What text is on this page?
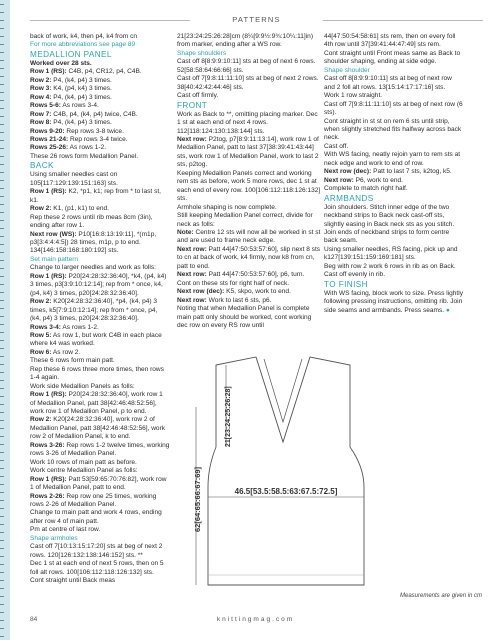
PATTERNS

back of work, k4, then p4, k4 from cn

For more abbreviations see page 89

MEDALLION PANEL

Worked over 28 sts.

Row 1 (RS): C4B, p4, CR12, p4, C4B.

Row 2: P4, (k4, p4) 3 times.

Row 3: K4, (p4, k4) 3 times.

Row 4: P4, (k4, p4) 3 times.

Rows 5-6: As rows 3-4.

Row 7: C4B, p4, (k4, p4) twice, C4B.

Row 8: P4, (k4, p4) 3 times.

Rows 9-20: Rep rows 3-8 twice.

Rows 21-24: Rep rows 3-4 twice.

Rows 25-26: As rows 1-2.

These 26 rows form Medallion Panel.

BACK

Using smaller needles cast on 105[117:129:139:151:163] sts.

Row 1 (RS): K2, *p1, k1; rep from * to last st, k1.

Row 2: K1, (p1, k1) to end.

Rep these 2 rows until rib meas 8cm (3in), ending after row 1.

Next row (WS): P10[16:8:13:19:11], *(m1p, p3[3:4:4:4:5]) 28 times, m1p, p to end. 134[146:158:168:180:192] sts.

Set main pattern

Change to larger needles and work as folls:

Row 1 (RS): P20[24:28:32:36:40], *k4, (p4, k4) 3 times, p3[3:9:10:12:14]; rep from * once, k4, (p4, k4) 3 times, p20[24:28:32:36:40].

Row 2: K20[24:28:32:36:40], *p4, (k4, p4) 3 times, k5[7:9:10:12:14]; rep from * once, p4, (k4, p4) 3 times, p20[24:28:32:36:40].

Rows 3-4: As rows 1-2.

Row 5: As row 1, but work C4B in each place where k4 was worked.

Row 6: As row 2.

These 6 rows form main patt.

Rep these 6 rows three more times, then rows 1-4 again.

Work side Medallion Panels as folls:

Row 1 (RS): P20[24:28:32:36:40], work row 1 of Medallion Panel, patt 38[42:46:48:52:56], work row 1 of Medallion Panel, p to end.

Row 2: K20[24:28:32:36:40], work row 2 of Medallion Panel, patt 38[42:46:48:52:56], work row 2 of Medallion Panel, k to end.

Rows 3-26: Rep rows 1-2 twelve times, working rows 3-26 of Medallion Panel.

Work 10 rows of main patt as before.

Work centre Medallion Panel as folls:

Row 1 (RS): Patt 53[59:65:70:76:82], work row 1 of Medallion Panel, patt to end.

Rows 2-26: Rep row one 25 times, working rows 2-26 of Medallion Panel.

Change to main patt and work 4 rows, ending after row 4 of main patt.

Pm at centre of last row.

Shape armholes

Cast off 7[10:13:15:17:20] sts at beg of next 2 rows. 120[126:132:138:146:152] sts. **

Dec 1 st at each end of next 5 rows, then on 5 foll alt rows. 100[106:112:118:126:132] sts.

Cont straight until Back meas

21[23:24:25:26:28]cm (8¼[9:9½:9¾:10¼:11]in) from marker, ending after a WS row.

Shape shoulders

Cast off 8[8:9:9:10:11] sts at beg of next 6 rows. 52[58:58:64:66:66] sts.

Cast off 7[9:8:11:11:10] sts at beg of next 2 rows. 38[40:42:42:44:46] sts.

Cast off firmly.

FRONT

Work as Back to **, omitting placing marker. Dec 1 st at each end of next 4 rows. 112[118:124:130:138:144] sts.

Next row: P2tog, p7[8:9:11:13:14], work row 1 of Medallion Panel, patt to last 37[38:39:41:43:44] sts, work row 1 of Medallion Panel, work to last 2 sts, p2tog.

Keeping Medallion Panels correct and working rem sts as before, work 5 more rows, dec 1 st at each end of every row. 100[106:112:118:126:132] sts.

Armhole shaping is now complete.

Still keeping Medallion Panel correct, divide for neck as folls:

Note: Centre 12 sts will now all be worked in st st and are used to frame neck edge.

Next row: Patt 44[47:50:53:57:60], slip next 8 sts to cn at back of work, k4 firmly, now k8 from cn, patt to end.

Next row: Patt 44[47:50:53:57:60], p6, turn.

Cont on these sts for right half of neck.

Next row (dec): K5, skpo, work to end.

Next row: Work to last 6 sts, p6.

Noting that when Medallion Panel is complete main patt only should be worked, cont working dec row on every RS row until

44[47:50:54:58:61] sts rem, then on every foll 4th row until 37[39:41:44:47:49] sts rem.

Cont straight until Front meas same as Back to shoulder shaping, ending at side edge.

Shape shoulder

Cast off 8[8:9:9:10:11] sts at beg of next row and 2 foll alt rows. 13[15:14:17:17:16] sts.

Work 1 row straight.

Cast off 7[9:8:11:11:10] sts at beg of next row (6 sts).

Cont straight in st st on rem 6 sts until strip, when slightly stretched fits halfway across back neck.

Cast off.

With WS facing, neatly rejoin yarn to rem sts at neck edge and work to end of row.

Next row (dec): Patt to last 7 sts, k2tog, k5.

Next row: P6, work to end.

Complete to match right half.

ARMBANDS

Join shoulders. Stitch inner edge of the two neckband strips to Back neck cast-off sts, slightly easing in Back neck sts as you stitch. Join ends of neckband strips to form centre back seam.

Using smaller needles, RS facing, pick up and k127[139:151:159:169:181] sts.

Beg with row 2 work 6 rows in rib as on Back. Cast off evenly in rib.

TO FINISH

With WS facing, block work to size. Press lightly following pressing instructions, omitting rib. Join side seams and armbands. Press seams. ●

62[64:65:66:67:69]
21[23:24:25:26:28]
46.5[53.5:58.5:63:67.5:72.5]
Measurements are given in cm
84	knittingmag.com
